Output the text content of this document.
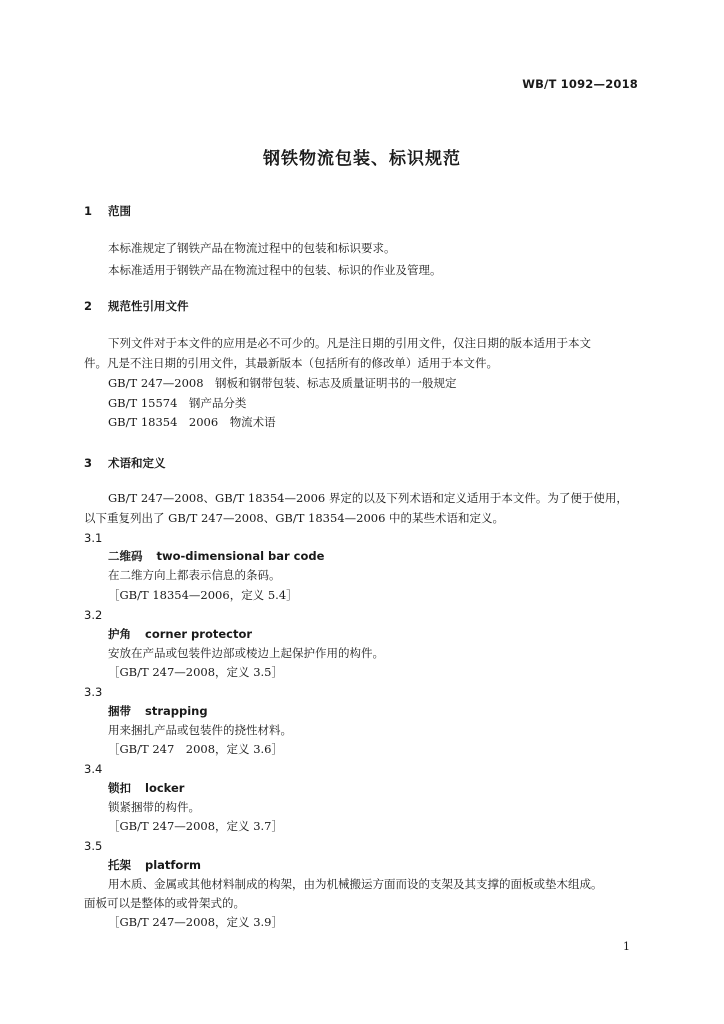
WB/T 1092—2018
钢铁物流包装、标识规范
1 范围
本标准规定了钢铁产品在物流过程中的包装和标识要求。
本标准适用于钢铁产品在物流过程中的包装、标识的作业及管理。
2 规范性引用文件
下列文件对于本文件的应用是必不可少的。凡是注日期的引用文件，仅注日期的版本适用于本文
件。凡是不注日期的引用文件，其最新版本（包括所有的修改单）适用于本文件。
GB/T 247—2008　钢板和钢带包装、标志及质量证明书的一般规定
GB/T 15574　钢产品分类
GB/T 18354　2006　物流术语
3 术语和定义
GB/T 247—2008、GB/T 18354—2006 界定的以及下列术语和定义适用于本文件。为了便于使用，
以下重复列出了 GB/T 247—2008、GB/T 18354—2006 中的某些术语和定义。
3.1
二维码 two-dimensional bar code
在二维方向上都表示信息的条码。
［GB/T 18354—2006，定义 5.4］
3.2
护角 corner protector
安放在产品或包装件边部或棱边上起保护作用的构件。
［GB/T 247—2008，定义 3.5］
3.3
捆带 strapping
用来捆扎产品或包装件的挠性材料。
［GB/T 247　2008，定义 3.6］
3.4
锁扣 locker
锁紧捆带的构件。
［GB/T 247—2008，定义 3.7］
3.5
托架 platform
用木质、金属或其他材料制成的构架，由为机械搬运方面而设的支架及其支撑的面板或垫木组成。
面板可以是整体的或骨架式的。
［GB/T 247—2008，定义 3.9］
1
